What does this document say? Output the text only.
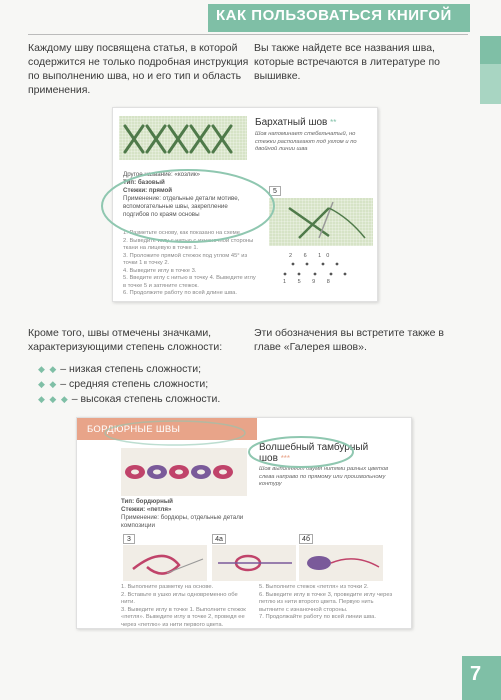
КАК ПОЛЬЗОВАТЬСЯ КНИГОЙ
Каждому шву посвящена статья, в которой содержится не только подробная инструкция по выполнению шва, но и его тип и область применения.
Вы также найдете все названия шва, которые встречаются в литературе по вышивке.
Бархатный шов **
Шов напоминает стебельчатый, но стежки располагают под углом и по двойной линии шва
Другое название: «козлик»
Тип: базовый
Стежки: прямой
Применение: отдельные детали мотиве, вспомогательные швы, закрепление подгибов по краям основы
1. Разметьте основу, как показано на схеме.
2. Выведите иглу с нитью с изнаночной стороны ткани на лицевую в точке 1.
3. Проложите прямой стежок под углом 45° из точки 1 в точку 2.
4. Выведите иглу в точке 3.
5. Введите иглу с нитью в точку 4. Выведите иглу в точке 5 и затяните стежок.
6. Продолжите работу по всей длине шва.
5
2 6 10
1 5 9 8
Кроме того, швы отмечены значками, характеризующими степень сложности:
Эти обозначения вы встретите также в главе «Галерея швов».
◆ ◆ – низкая степень сложности;
◆ ◆ – средняя степень сложности;
◆ ◆ ◆ – высокая степень сложности.
БОРДЮРНЫЕ ШВЫ
Волшебный тамбурный шов ***
Шов выполняют двумя нитями разных цветов слева направо по прямому или произвольному контуру
Тип: бордюрный
Стежки: «петля»
Применение: бордюры, отдельные детали композиции
3	4а	4б
1. Выполните разметку на основе.
2. Вставьте в ушко иглы одновременно обе нити.
3. Выведите иглу в точке 1. Выполните стежок «петля». Выведите иглу в точке 2, проведя ее через «петлю» из нити первого цвета.
5. Выполните стежок «петля» из точки 2.
6. Выведите иглу в точке 3, проведите иглу через петлю из нити второго цвета. Первую нить вытяните с изнаночной стороны.
7. Продолжайте работу по всей линии шва.
7
